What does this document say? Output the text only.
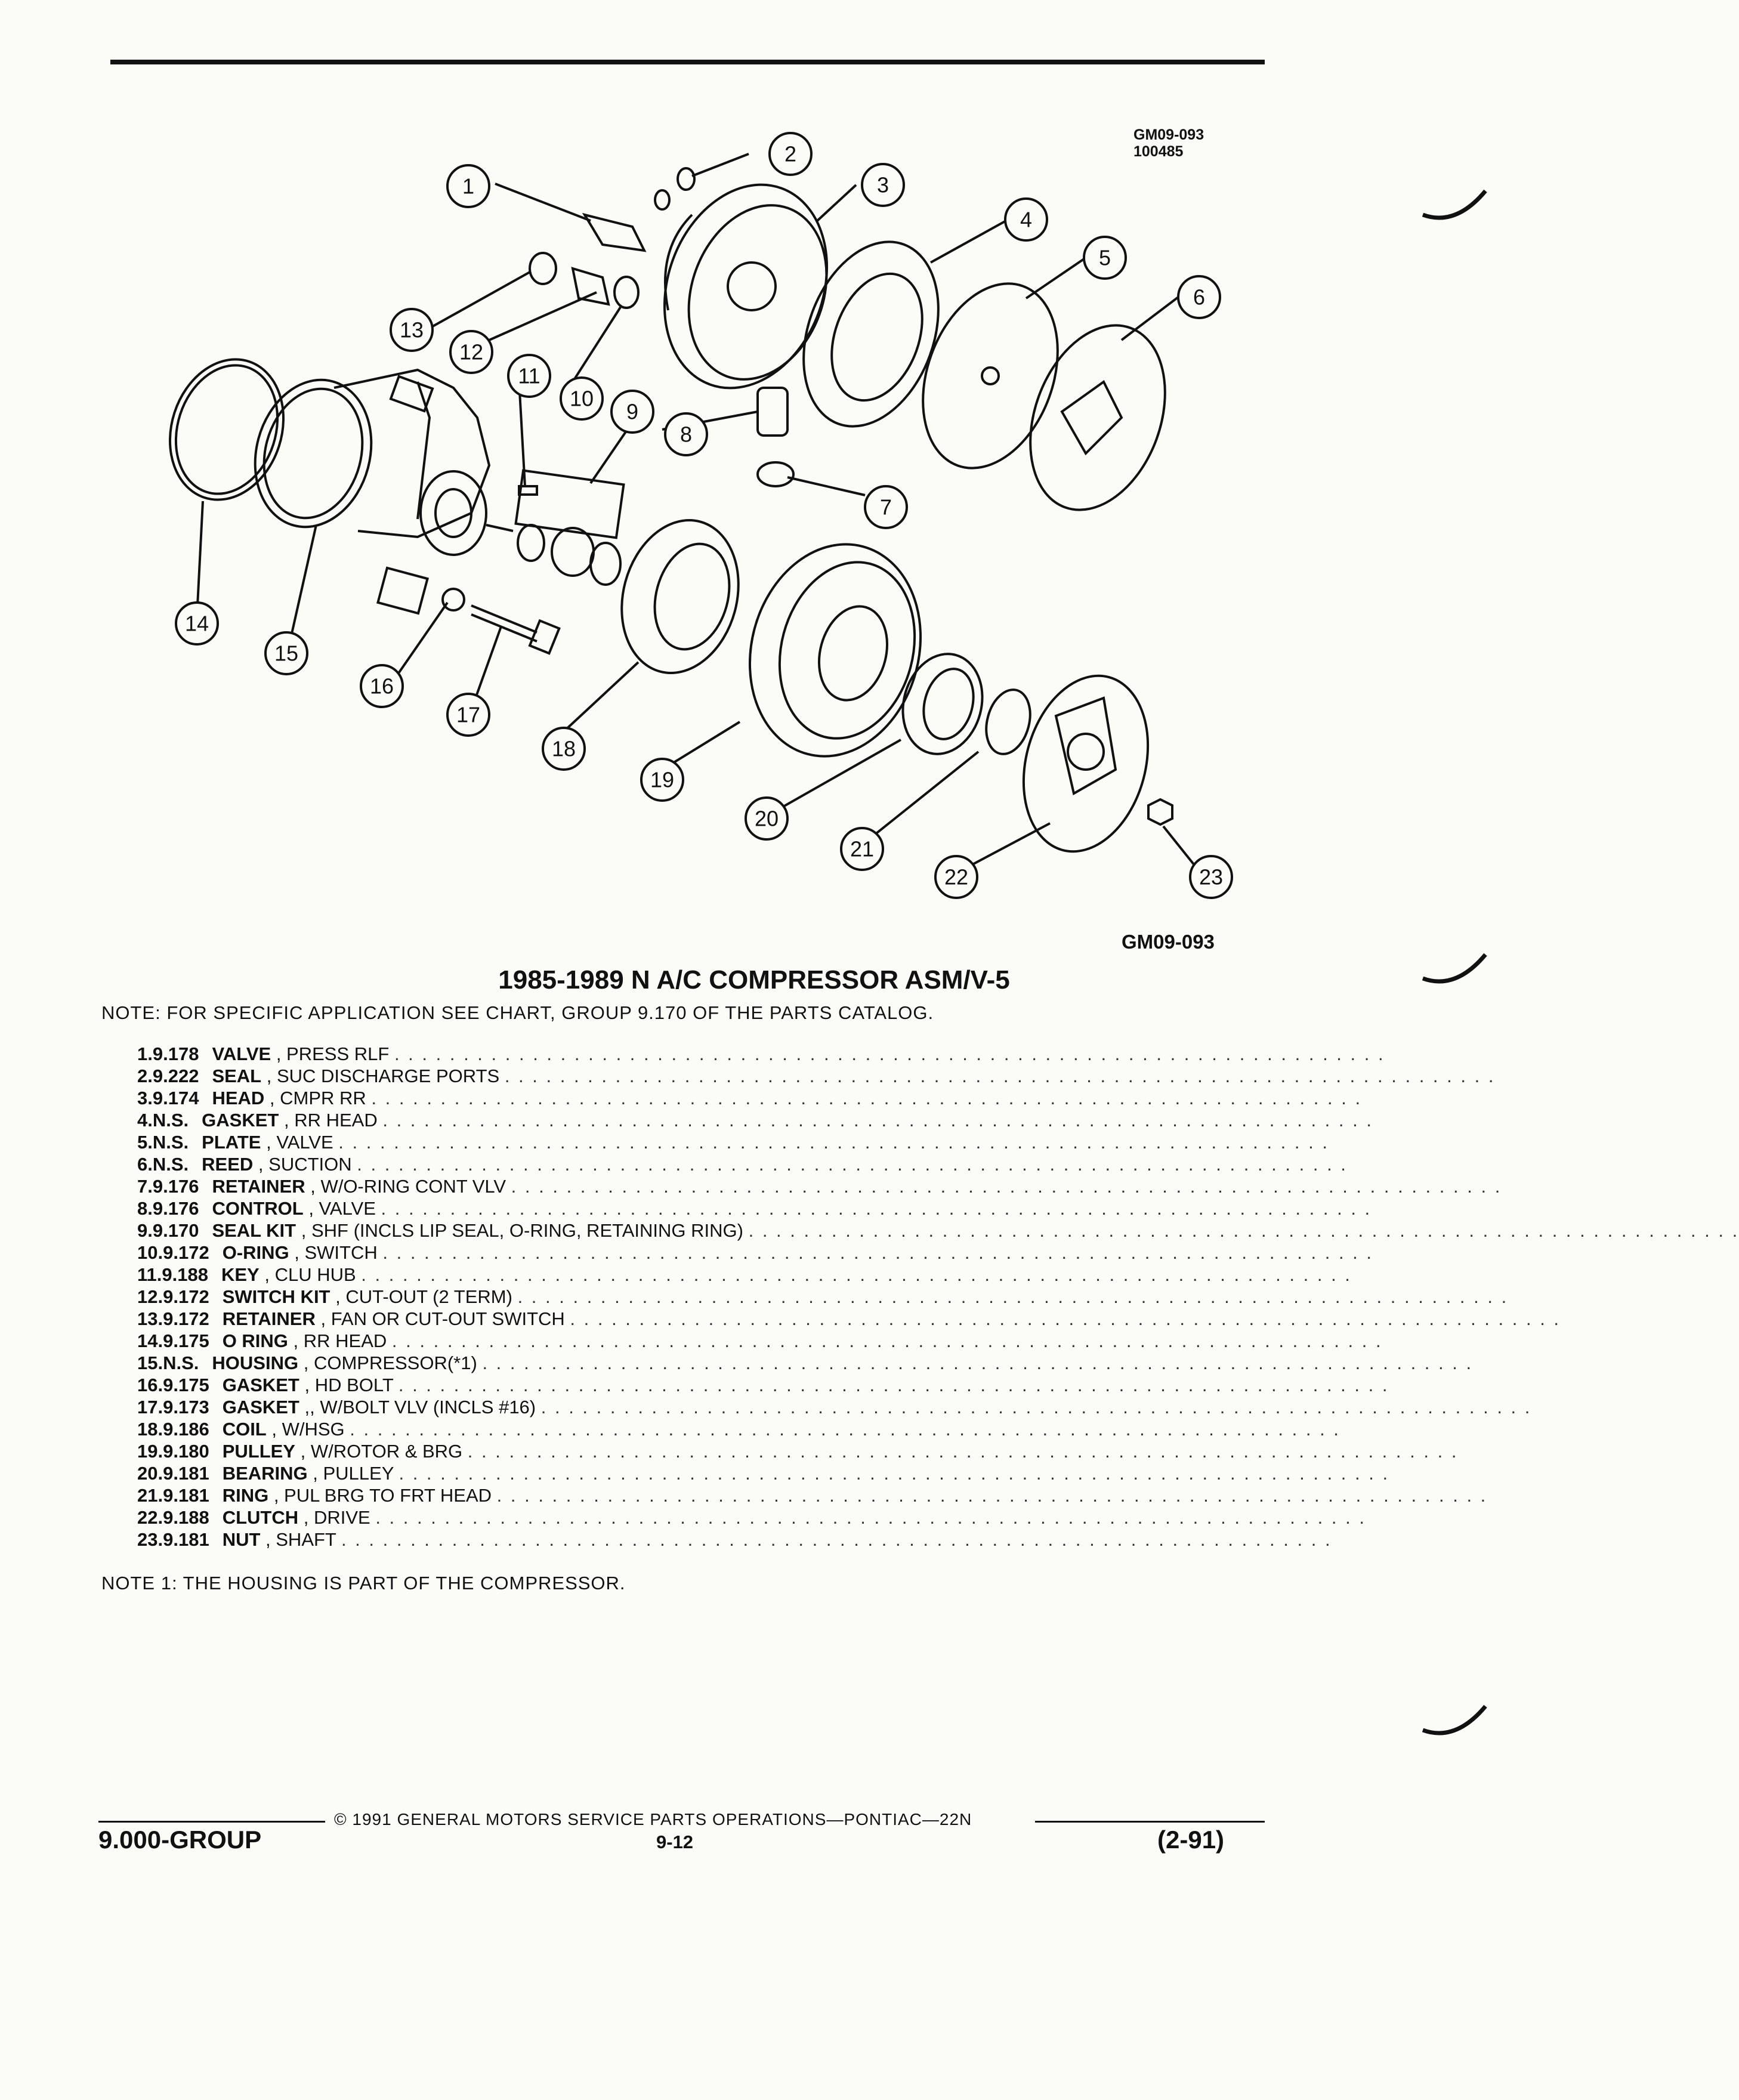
GM09-093
100485
1
2
3
4
5
6
7
8
9
10
11
12
13
14
15
16
17
18
19
20
21
22	23
GM09-093
1985-1989 N A/C COMPRESSOR ASM/V-5
NOTE: FOR SPECIFIC APPLICATION SEE CHART, GROUP 9.170 OF THE PARTS CATALOG.
1. 9.178 VALVE , PRESS RLF . . . . . . . . . . . . . . . . . . . . . . . . . . . . . . . . . . . . . . . . . . . . . . . . . . . . . . . . . . . . . . . . . . . . . . . .
2. 9.222 SEAL , SUC DISCHARGE PORTS . . . . . . . . . . . . . . . . . . . . . . . . . . . . . . . . . . . . . . . . . . . . . . . . . . . . . . . . . . . . . . . . . . . . . . . .
3. 9.174 HEAD , CMPR RR . . . . . . . . . . . . . . . . . . . . . . . . . . . . . . . . . . . . . . . . . . . . . . . . . . . . . . . . . . . . . . . . . . . . . . . .
4. N.S. GASKET , RR HEAD . . . . . . . . . . . . . . . . . . . . . . . . . . . . . . . . . . . . . . . . . . . . . . . . . . . . . . . . . . . . . . . . . . . . . . . .
5. N.S. PLATE , VALVE . . . . . . . . . . . . . . . . . . . . . . . . . . . . . . . . . . . . . . . . . . . . . . . . . . . . . . . . . . . . . . . . . . . . . . . .
6. N.S. REED , SUCTION . . . . . . . . . . . . . . . . . . . . . . . . . . . . . . . . . . . . . . . . . . . . . . . . . . . . . . . . . . . . . . . . . . . . . . . .
7. 9.176 RETAINER , W/O-RING CONT VLV . . . . . . . . . . . . . . . . . . . . . . . . . . . . . . . . . . . . . . . . . . . . . . . . . . . . . . . . . . . . . . . . . . . . . . . .
8. 9.176 CONTROL , VALVE . . . . . . . . . . . . . . . . . . . . . . . . . . . . . . . . . . . . . . . . . . . . . . . . . . . . . . . . . . . . . . . . . . . . . . . .
9. 9.170 SEAL KIT , SHF (INCLS LIP SEAL, O-RING, RETAINING RING) . . . . . . . . . . . . . . . . . . . . . . . . . . . . . . . . . . . . . . . . . . . . . . . . . . . . . . . . . . . . . . . . . . . . . . . .
10. 9.172 O-RING , SWITCH . . . . . . . . . . . . . . . . . . . . . . . . . . . . . . . . . . . . . . . . . . . . . . . . . . . . . . . . . . . . . . . . . . . . . . . .
11. 9.188 KEY , CLU HUB . . . . . . . . . . . . . . . . . . . . . . . . . . . . . . . . . . . . . . . . . . . . . . . . . . . . . . . . . . . . . . . . . . . . . . . .
12. 9.172 SWITCH KIT , CUT-OUT (2 TERM) . . . . . . . . . . . . . . . . . . . . . . . . . . . . . . . . . . . . . . . . . . . . . . . . . . . . . . . . . . . . . . . . . . . . . . . .
13. 9.172 RETAINER , FAN OR CUT-OUT SWITCH . . . . . . . . . . . . . . . . . . . . . . . . . . . . . . . . . . . . . . . . . . . . . . . . . . . . . . . . . . . . . . . . . . . . . . . .
14. 9.175 O RING , RR HEAD . . . . . . . . . . . . . . . . . . . . . . . . . . . . . . . . . . . . . . . . . . . . . . . . . . . . . . . . . . . . . . . . . . . . . . . .
15. N.S. HOUSING , COMPRESSOR(*1) . . . . . . . . . . . . . . . . . . . . . . . . . . . . . . . . . . . . . . . . . . . . . . . . . . . . . . . . . . . . . . . . . . . . . . . .
16. 9.175 GASKET , HD BOLT . . . . . . . . . . . . . . . . . . . . . . . . . . . . . . . . . . . . . . . . . . . . . . . . . . . . . . . . . . . . . . . . . . . . . . . .
17. 9.173 GASKET ,, W/BOLT VLV (INCLS #16) . . . . . . . . . . . . . . . . . . . . . . . . . . . . . . . . . . . . . . . . . . . . . . . . . . . . . . . . . . . . . . . . . . . . . . . .
18. 9.186 COIL , W/HSG . . . . . . . . . . . . . . . . . . . . . . . . . . . . . . . . . . . . . . . . . . . . . . . . . . . . . . . . . . . . . . . . . . . . . . . .
19. 9.180 PULLEY , W/ROTOR & BRG . . . . . . . . . . . . . . . . . . . . . . . . . . . . . . . . . . . . . . . . . . . . . . . . . . . . . . . . . . . . . . . . . . . . . . . .
20. 9.181 BEARING , PULLEY . . . . . . . . . . . . . . . . . . . . . . . . . . . . . . . . . . . . . . . . . . . . . . . . . . . . . . . . . . . . . . . . . . . . . . . .
21. 9.181 RING , PUL BRG TO FRT HEAD . . . . . . . . . . . . . . . . . . . . . . . . . . . . . . . . . . . . . . . . . . . . . . . . . . . . . . . . . . . . . . . . . . . . . . . .
22. 9.188 CLUTCH , DRIVE . . . . . . . . . . . . . . . . . . . . . . . . . . . . . . . . . . . . . . . . . . . . . . . . . . . . . . . . . . . . . . . . . . . . . . . .
23. 9.181 NUT , SHAFT . . . . . . . . . . . . . . . . . . . . . . . . . . . . . . . . . . . . . . . . . . . . . . . . . . . . . . . . . . . . . . . . . . . . . . . .
NOTE 1: THE HOUSING IS PART OF THE COMPRESSOR.
9.000-GROUP
© 1991 GENERAL MOTORS SERVICE PARTS OPERATIONS—PONTIAC—22N
9-12	(2-91)
